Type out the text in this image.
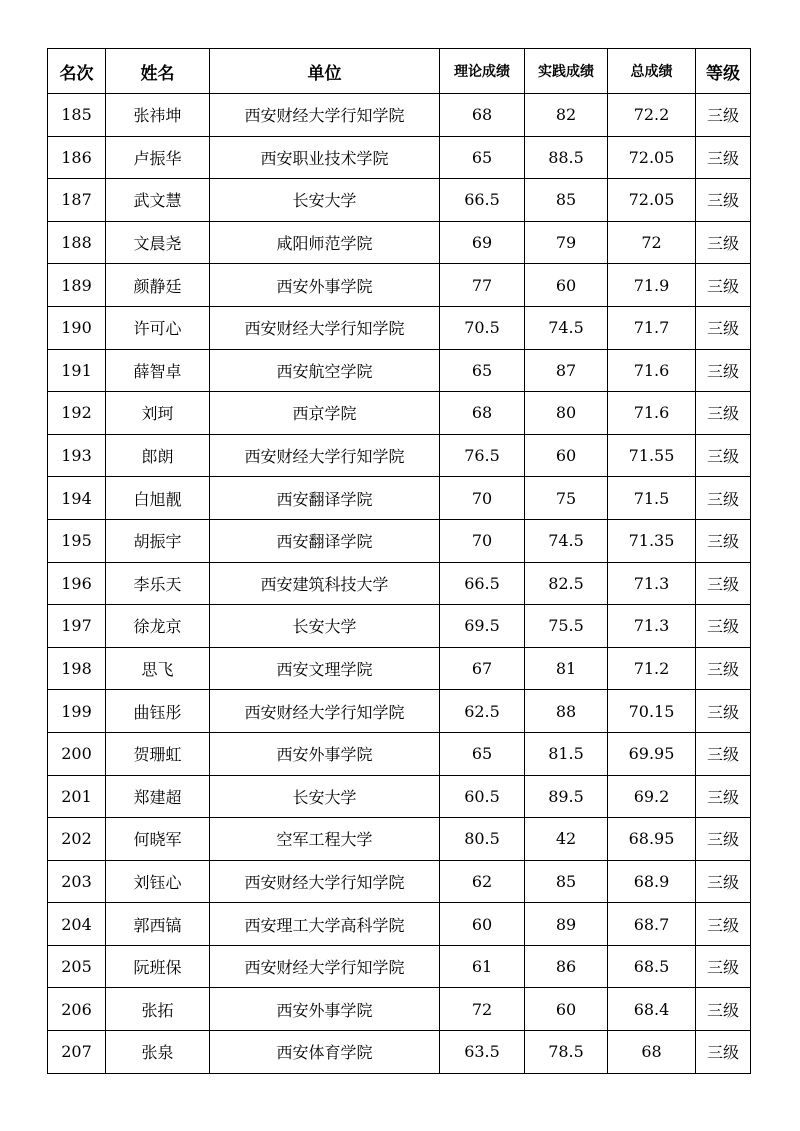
名次	姓名	单位	理论成绩	实践成绩	总成绩	等级
185	张祎坤	西安财经大学行知学院	68	82	72.2	三级
186	卢振华	西安职业技术学院	65	88.5	72.05	三级
187	武文慧	长安大学	66.5	85	72.05	三级
188	文晨尧	咸阳师范学院	69	79	72	三级
189	颜静廷	西安外事学院	77	60	71.9	三级
190	许可心	西安财经大学行知学院	70.5	74.5	71.7	三级
191	薛智卓	西安航空学院	65	87	71.6	三级
192	刘珂	西京学院	68	80	71.6	三级
193	郎朗	西安财经大学行知学院	76.5	60	71.55	三级
194	白旭靓	西安翻译学院	70	75	71.5	三级
195	胡振宇	西安翻译学院	70	74.5	71.35	三级
196	李乐天	西安建筑科技大学	66.5	82.5	71.3	三级
197	徐龙京	长安大学	69.5	75.5	71.3	三级
198	思飞	西安文理学院	67	81	71.2	三级
199	曲钰彤	西安财经大学行知学院	62.5	88	70.15	三级
200	贺珊虹	西安外事学院	65	81.5	69.95	三级
201	郑建超	长安大学	60.5	89.5	69.2	三级
202	何晓军	空军工程大学	80.5	42	68.95	三级
203	刘钰心	西安财经大学行知学院	62	85	68.9	三级
204	郭西镐	西安理工大学高科学院	60	89	68.7	三级
205	阮班保	西安财经大学行知学院	61	86	68.5	三级
206	张拓	西安外事学院	72	60	68.4	三级
207	张泉	西安体育学院	63.5	78.5	68	三级
